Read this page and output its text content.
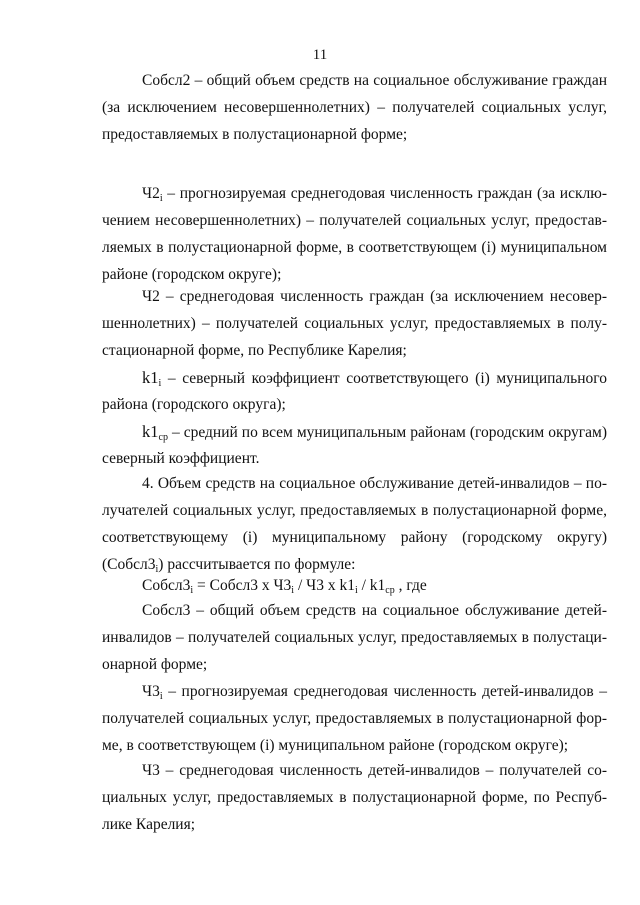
11
Собсл2 – общий объем средств на социальное обслуживание граждан
(за исключением несовершеннолетних) – получателей социальных услуг,
предоставляемых в полустационарной форме;
$Ч2_i$ – прогнозируемая среднегодовая численность граждан (за исклю-
чением несовершеннолетних) – получателей социальных услуг, предостав-
ляемых в полустационарной форме, в соответствующем (i) муниципальном
районе (городском округе);
Ч2 – среднегодовая численность граждан (за исключением несовер-
шеннолетних) – получателей социальных услуг, предоставляемых в полу-
стационарной форме, по Республике Карелия;
$k1_i$ – северный коэффициент соответствующего (i) муниципального
района (городского округа);
$k1_{ср}$ – средний по всем муниципальным районам (городским округам)
северный коэффициент.
4. Объем средств на социальное обслуживание детей-инвалидов – по-
лучателей социальных услуг, предоставляемых в полустационарной форме,
соответствующему (i) муниципальному району (городскому округу)
$(Собсл3_i)$ рассчитывается по формуле:
$Собсл3_i$ = Собсл3 х $Ч3_i / Ч3$ х $k1_i / k1_{ср}$ , где
Собсл3 – общий объем средств на социальное обслуживание детей-
инвалидов – получателей социальных услуг, предоставляемых в полустаци-
онарной форме;
$Ч3_i$ – прогнозируемая среднегодовая численность детей-инвалидов –
получателей социальных услуг, предоставляемых в полустационарной фор-
ме, в соответствующем (i) муниципальном районе (городском округе);
Ч3 – среднегодовая численность детей-инвалидов – получателей со-
циальных услуг, предоставляемых в полустационарной форме, по Респуб-
лике Карелия;
